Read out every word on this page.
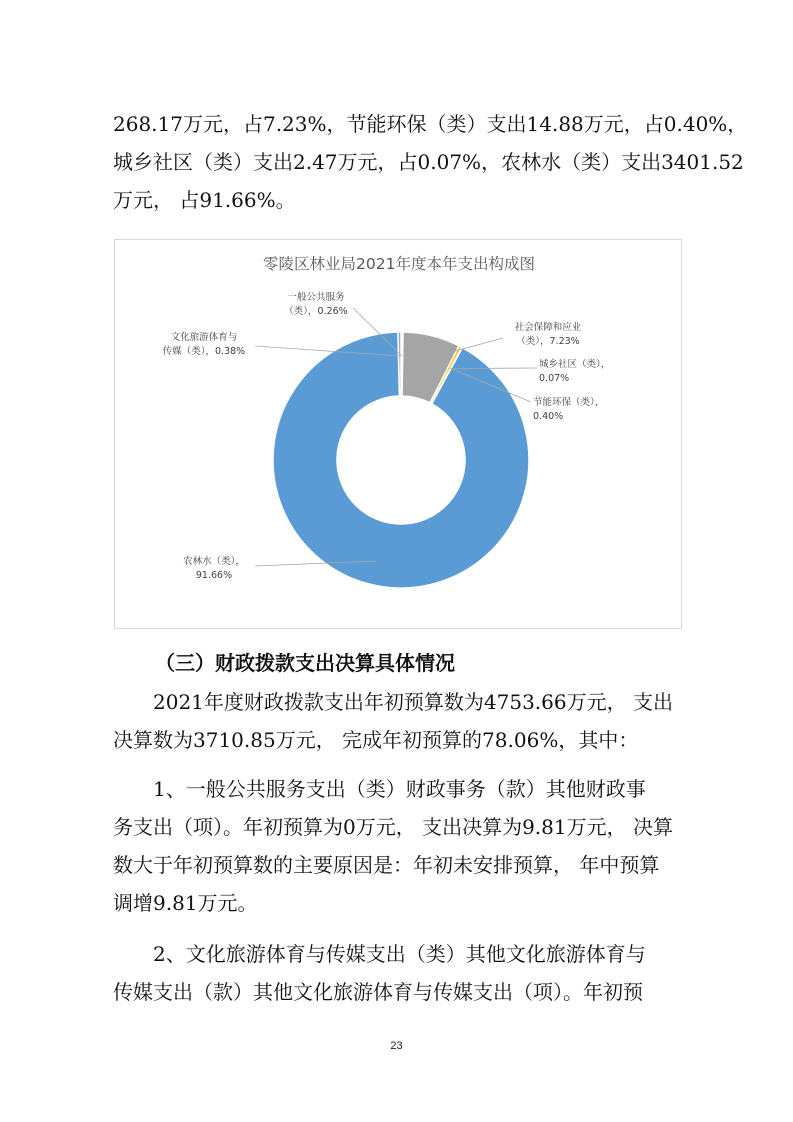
268.17万元，占7.23%，节能环保（类）支出14.88万元，占0.40%，
城乡社区（类）支出2.47万元，占0.07%，农林水（类）支出3401.52
万元， 占91.66%。
零陵区林业局2021年度本年支出构成图
一般公共服务（类），0.26%
社会保障和应业（类），7.23%
节能环保（类）， 0.40%
城乡社区（类）， 0.07%
农林水（类）， 91.66%
文化旅游体育与传媒（类），0.38%
（三）财政拨款支出决算具体情况
2021年度财政拨款支出年初预算数为4753.66万元， 支出
决算数为3710.85万元， 完成年初预算的78.06%，其中：
1、一般公共服务支出（类）财政事务（款）其他财政事
务支出（项）。年初预算为0万元， 支出决算为9.81万元， 决算
数大于年初预算数的主要原因是：年初未安排预算， 年中预算
调增9.81万元。
2、文化旅游体育与传媒支出（类）其他文化旅游体育与
传媒支出（款）其他文化旅游体育与传媒支出（项）。年初预
23
